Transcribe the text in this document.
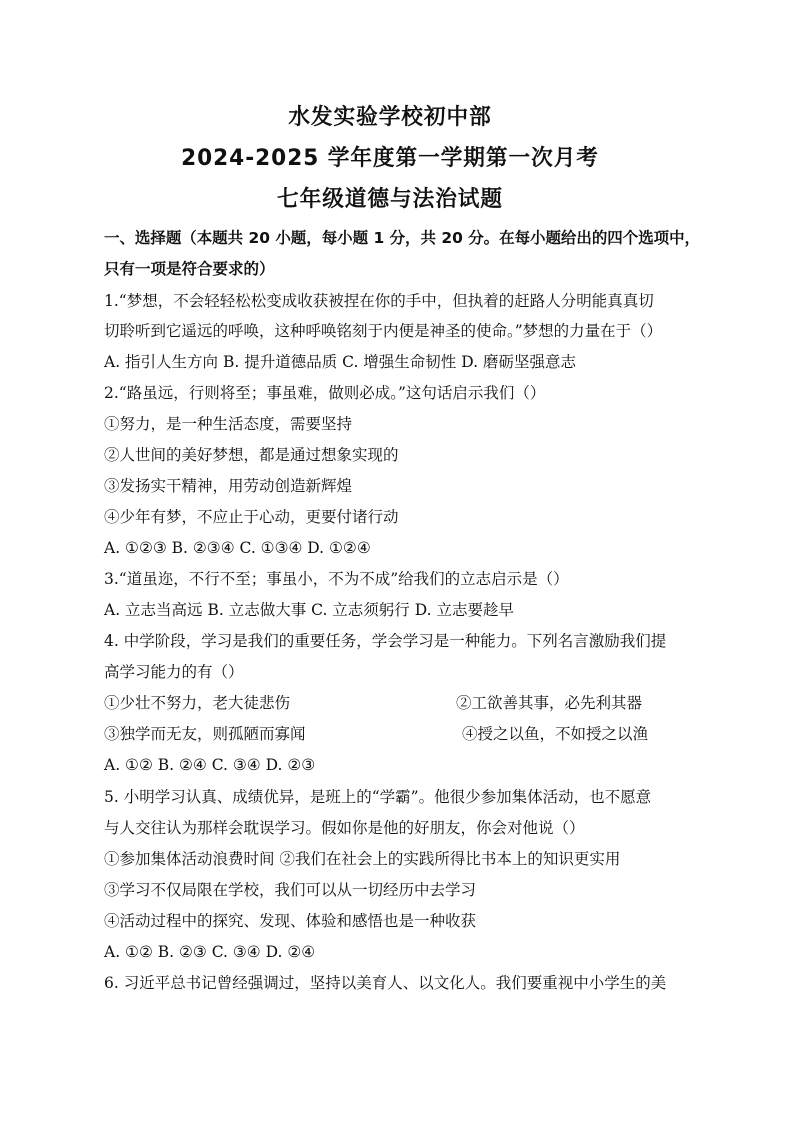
水发实验学校初中部
2024-2025 学年度第一学期第一次月考
七年级道德与法治试题
一、选择题（本题共 20 小题，每小题 1 分，共 20 分。在每小题给出的四个选项中，
只有一项是符合要求的）
1.“梦想，不会轻轻松松变成收获被捏在你的手中，但执着的赶路人分明能真真切
切聆听到它遥远的呼唤，这种呼唤铭刻于内便是神圣的使命。”梦想的力量在于（）
A. 指引人生方向 B. 提升道德品质 C. 增强生命韧性 D. 磨砺坚强意志
2.“路虽远，行则将至；事虽难，做则必成。”这句话启示我们（）
①努力，是一种生活态度，需要坚持
②人世间的美好梦想，都是通过想象实现的
③发扬实干精神，用劳动创造新辉煌
④少年有梦，不应止于心动，更要付诸行动
A. ①②③ B. ②③④ C. ①③④ D. ①②④
3.“道虽迩，不行不至；事虽小，不为不成”给我们的立志启示是（）
A. 立志当高远 B. 立志做大事 C. 立志须躬行 D. 立志要趁早
4. 中学阶段，学习是我们的重要任务，学会学习是一种能力。下列名言激励我们提
高学习能力的有（）
①少壮不努力，老大徒悲伤	②工欲善其事，必先利其器
③独学而无友，则孤陋而寡闻	④授之以鱼，不如授之以渔
A. ①② B. ②④ C. ③④ D. ②③
5. 小明学习认真、成绩优异，是班上的“学霸”。他很少参加集体活动，也不愿意
与人交往认为那样会耽误学习。假如你是他的好朋友，你会对他说（）
①参加集体活动浪费时间 ②我们在社会上的实践所得比书本上的知识更实用
③学习不仅局限在学校，我们可以从一切经历中去学习
④活动过程中的探究、发现、体验和感悟也是一种收获
A. ①② B. ②③ C. ③④ D. ②④
6. 习近平总书记曾经强调过，坚持以美育人、以文化人。我们要重视中小学生的美
